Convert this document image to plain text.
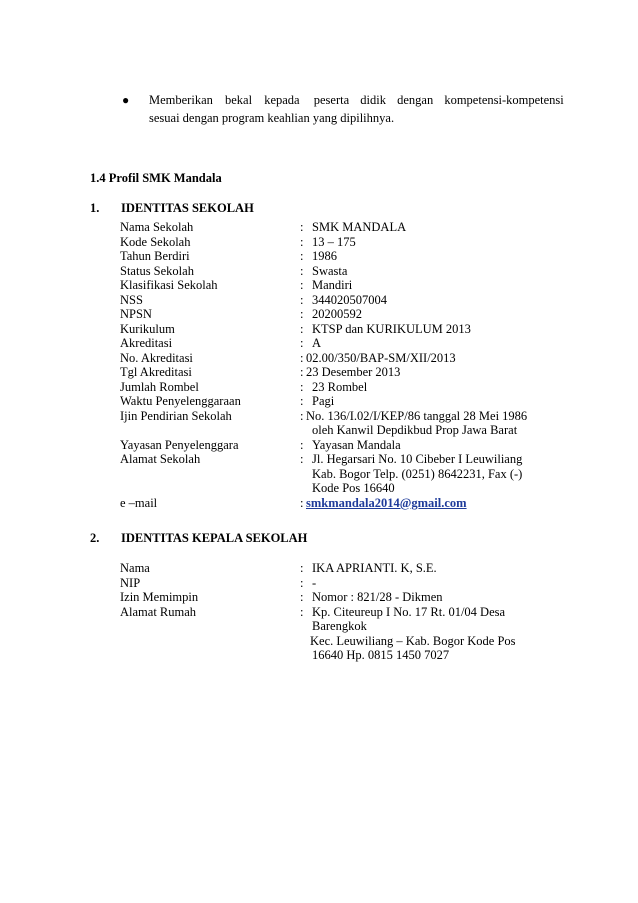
● Memberikan bekal kepada peserta didik dengan kompetensi-kompetensi
sesuai dengan program keahlian yang dipilihnya.
1.4 Profil SMK Mandala
1. IDENTITAS SEKOLAH
Nama Sekolah	: SMK MANDALA
Kode Sekolah	: 13 – 175
Tahun Berdiri	: 1986
Status Sekolah	: Swasta
Klasifikasi Sekolah	: Mandiri
NSS	: 344020507004
NPSN	: 20200592
Kurikulum	: KTSP dan KURIKULUM 2013
Akreditasi	: A
No. Akreditasi	: 02.00/350/BAP-SM/XII/2013
Tgl Akreditasi	: 23 Desember 2013
Jumlah Rombel	: 23 Rombel
Waktu Penyelenggaraan	: Pagi
Ijin Pendirian Sekolah	: No. 136/I.02/I/KEP/86 tanggal 28 Mei 1986
oleh Kanwil Depdikbud Prop Jawa Barat
Yayasan Penyelenggara	: Yayasan Mandala
Alamat Sekolah	: Jl. Hegarsari No. 10 Cibeber I Leuwiliang
Kab. Bogor Telp. (0251) 8642231, Fax (-)
Kode Pos 16640
e –mail	: smkmandala2014@gmail.com
2. IDENTITAS KEPALA SEKOLAH
Nama	: IKA APRIANTI. K, S.E.
NIP	: -
Izin Memimpin	: Nomor : 821/28 - Dikmen
Alamat Rumah	: Kp. Citeureup I No. 17 Rt. 01/04 Desa
Barengkok
Kec. Leuwiliang – Kab. Bogor Kode Pos
16640 Hp. 0815 1450 7027
